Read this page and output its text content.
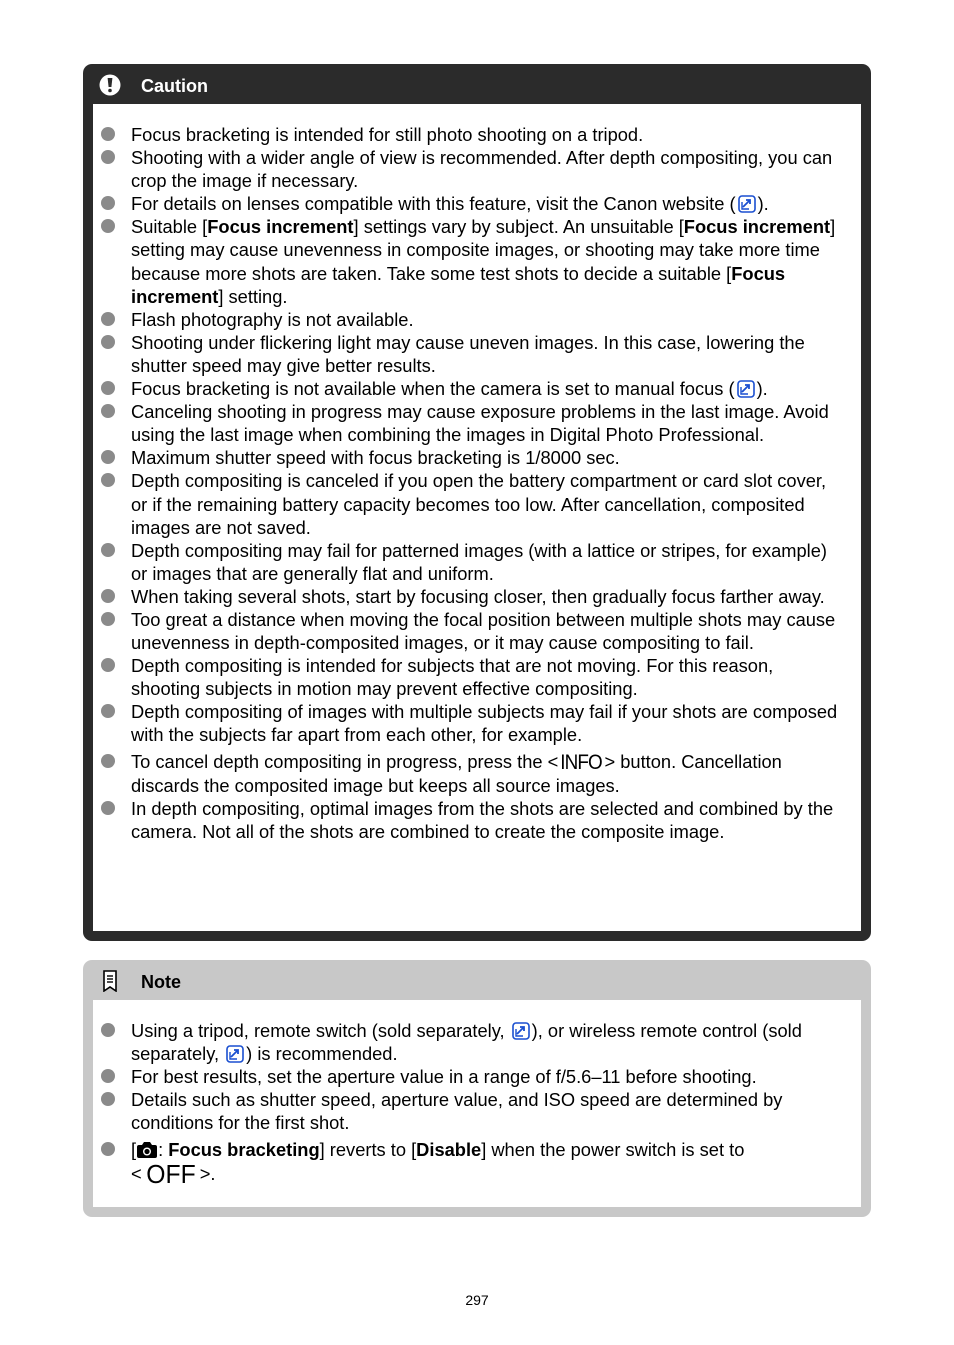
Caution
Focus bracketing is intended for still photo shooting on a tripod.
Shooting with a wider angle of view is recommended. After depth compositing, you can crop the image if necessary.
For details on lenses compatible with this feature, visit the Canon website ( ).
Suitable [Focus increment] settings vary by subject. An unsuitable [Focus increment] setting may cause unevenness in composite images, or shooting may take more time because more shots are taken. Take some test shots to decide a suitable [Focus increment] setting.
Flash photography is not available.
Shooting under flickering light may cause uneven images. In this case, lowering the shutter speed may give better results.
Focus bracketing is not available when the camera is set to manual focus ( ).
Canceling shooting in progress may cause exposure problems in the last image. Avoid using the last image when combining the images in Digital Photo Professional.
Maximum shutter speed with focus bracketing is 1/8000 sec.
Depth compositing is canceled if you open the battery compartment or card slot cover, or if the remaining battery capacity becomes too low. After cancellation, composited images are not saved.
Depth compositing may fail for patterned images (with a lattice or stripes, for example) or images that are generally flat and uniform.
When taking several shots, start by focusing closer, then gradually focus farther away.
Too great a distance when moving the focal position between multiple shots may cause unevenness in depth-composited images, or it may cause compositing to fail.
Depth compositing is intended for subjects that are not moving. For this reason, shooting subjects in motion may prevent effective compositing.
Depth compositing of images with multiple subjects may fail if your shots are composed with the subjects far apart from each other, for example.
To cancel depth compositing in progress, press the < INFO > button. Cancellation discards the composited image but keeps all source images.
In depth compositing, optimal images from the shots are selected and combined by the camera. Not all of the shots are combined to create the composite image.
Note
Using a tripod, remote switch (sold separately, ), or wireless remote control (sold separately, ) is recommended.
For best results, set the aperture value in a range of f/5.6–11 before shooting.
Details such as shutter speed, aperture value, and ISO speed are determined by conditions for the first shot.
[ : Focus bracketing] reverts to [Disable] when the power switch is set to
< OFF >.
297
